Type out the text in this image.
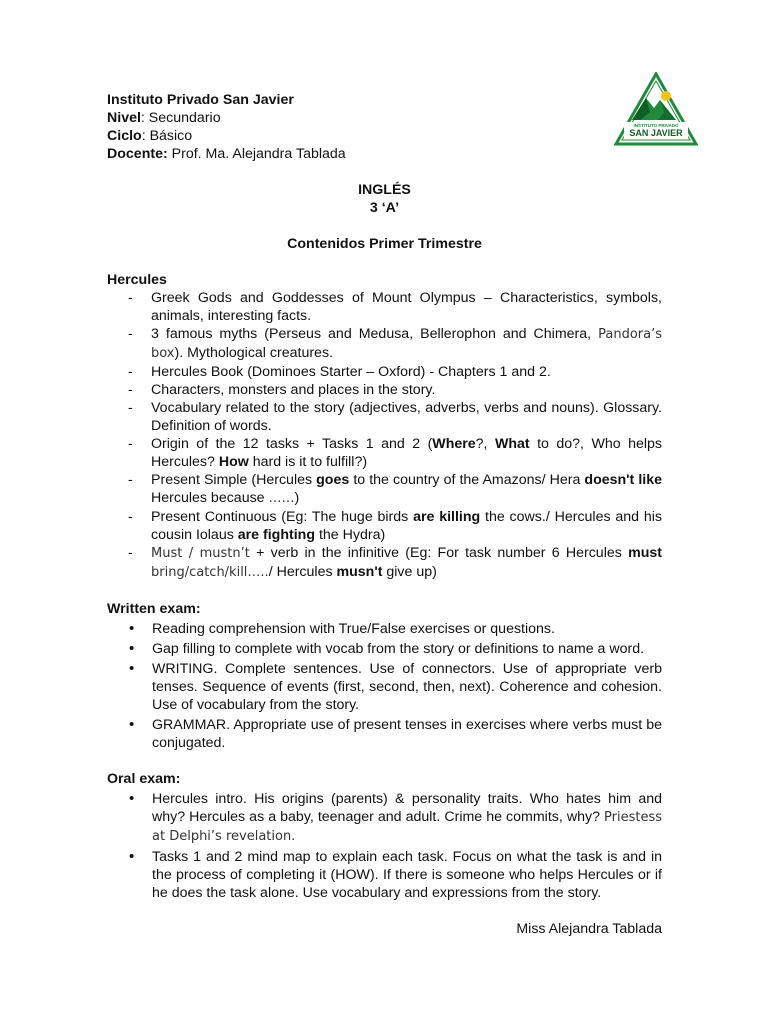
INSTITUTO PRIVADO
SAN JAVIER

Instituto Privado San Javier

Nivel: Secundario

Ciclo: Básico

Docente: Prof. Ma. Alejandra Tablada

INGLÉS

3 ‘A’

Contenidos Primer Trimestre

Hercules

- Greek Gods and Goddesses of Mount Olympus – Characteristics, symbols, animals, interesting facts.
- 3 famous myths (Perseus and Medusa, Bellerophon and Chimera, Pandora’s box). Mythological creatures.
- Hercules Book (Dominoes Starter – Oxford) - Chapters 1 and 2.
- Characters, monsters and places in the story.
- Vocabulary related to the story (adjectives, adverbs, verbs and nouns). Glossary. Definition of words.
- Origin of the 12 tasks + Tasks 1 and 2 (Where?, What to do?, Who helps Hercules? How hard is it to fulfill?)
- Present Simple (Hercules goes to the country of the Amazons/ Hera doesn't like Hercules because ……)
- Present Continuous (Eg: The huge birds are killing the cows./ Hercules and his cousin Iolaus are fighting the Hydra)
- Must / mustn’t + verb in the infinitive (Eg: For task number 6 Hercules must bring/catch/kill…../ Hercules musn't give up)

Written exam:

• Reading comprehension with True/False exercises or questions.
• Gap filling to complete with vocab from the story or definitions to name a word.
• WRITING. Complete sentences. Use of connectors. Use of appropriate verb tenses. Sequence of events (first, second, then, next). Coherence and cohesion. Use of vocabulary from the story.
• GRAMMAR. Appropriate use of present tenses in exercises where verbs must be conjugated.

Oral exam:

• Hercules intro. His origins (parents) & personality traits. Who hates him and why? Hercules as a baby, teenager and adult. Crime he commits, why? Priestess at Delphi’s revelation.
• Tasks 1 and 2 mind map to explain each task. Focus on what the task is and in the process of completing it (HOW). If there is someone who helps Hercules or if he does the task alone. Use vocabulary and expressions from the story.

Miss Alejandra Tablada
